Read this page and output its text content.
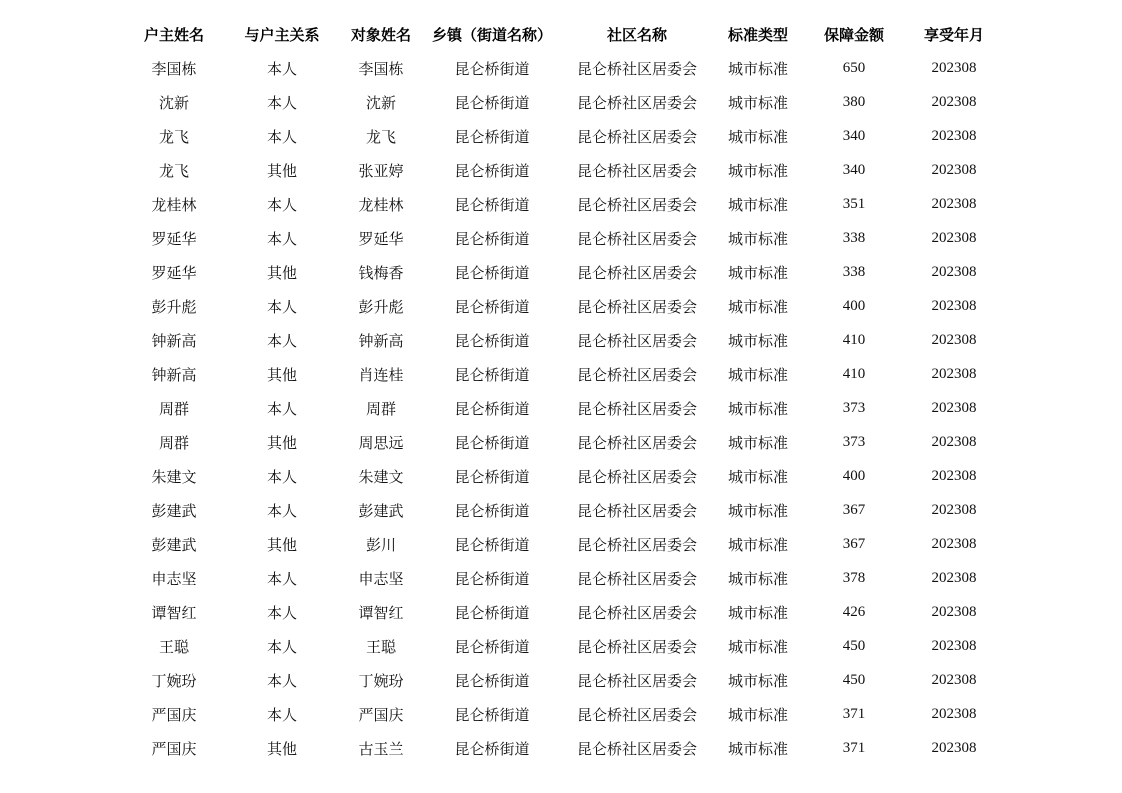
户主姓名	与户主关系	对象姓名	乡镇（街道名称）	社区名称	标准类型	保障金额	享受年月
李国栋	本人	李国栋	昆仑桥街道	昆仑桥社区居委会	城市标准	650	202308
沈新	本人	沈新	昆仑桥街道	昆仑桥社区居委会	城市标准	380	202308
龙飞	本人	龙飞	昆仑桥街道	昆仑桥社区居委会	城市标准	340	202308
龙飞	其他	张亚婷	昆仑桥街道	昆仑桥社区居委会	城市标准	340	202308
龙桂林	本人	龙桂林	昆仑桥街道	昆仑桥社区居委会	城市标准	351	202308
罗延华	本人	罗延华	昆仑桥街道	昆仑桥社区居委会	城市标准	338	202308
罗延华	其他	钱梅香	昆仑桥街道	昆仑桥社区居委会	城市标准	338	202308
彭升彪	本人	彭升彪	昆仑桥街道	昆仑桥社区居委会	城市标准	400	202308
钟新高	本人	钟新高	昆仑桥街道	昆仑桥社区居委会	城市标准	410	202308
钟新高	其他	肖连桂	昆仑桥街道	昆仑桥社区居委会	城市标准	410	202308
周群	本人	周群	昆仑桥街道	昆仑桥社区居委会	城市标准	373	202308
周群	其他	周思远	昆仑桥街道	昆仑桥社区居委会	城市标准	373	202308
朱建文	本人	朱建文	昆仑桥街道	昆仑桥社区居委会	城市标准	400	202308
彭建武	本人	彭建武	昆仑桥街道	昆仑桥社区居委会	城市标准	367	202308
彭建武	其他	彭川	昆仑桥街道	昆仑桥社区居委会	城市标准	367	202308
申志坚	本人	申志坚	昆仑桥街道	昆仑桥社区居委会	城市标准	378	202308
谭智红	本人	谭智红	昆仑桥街道	昆仑桥社区居委会	城市标准	426	202308
王聪	本人	王聪	昆仑桥街道	昆仑桥社区居委会	城市标准	450	202308
丁婉玢	本人	丁婉玢	昆仑桥街道	昆仑桥社区居委会	城市标准	450	202308
严国庆	本人	严国庆	昆仑桥街道	昆仑桥社区居委会	城市标准	371	202308
严国庆	其他	古玉兰	昆仑桥街道	昆仑桥社区居委会	城市标准	371	202308
